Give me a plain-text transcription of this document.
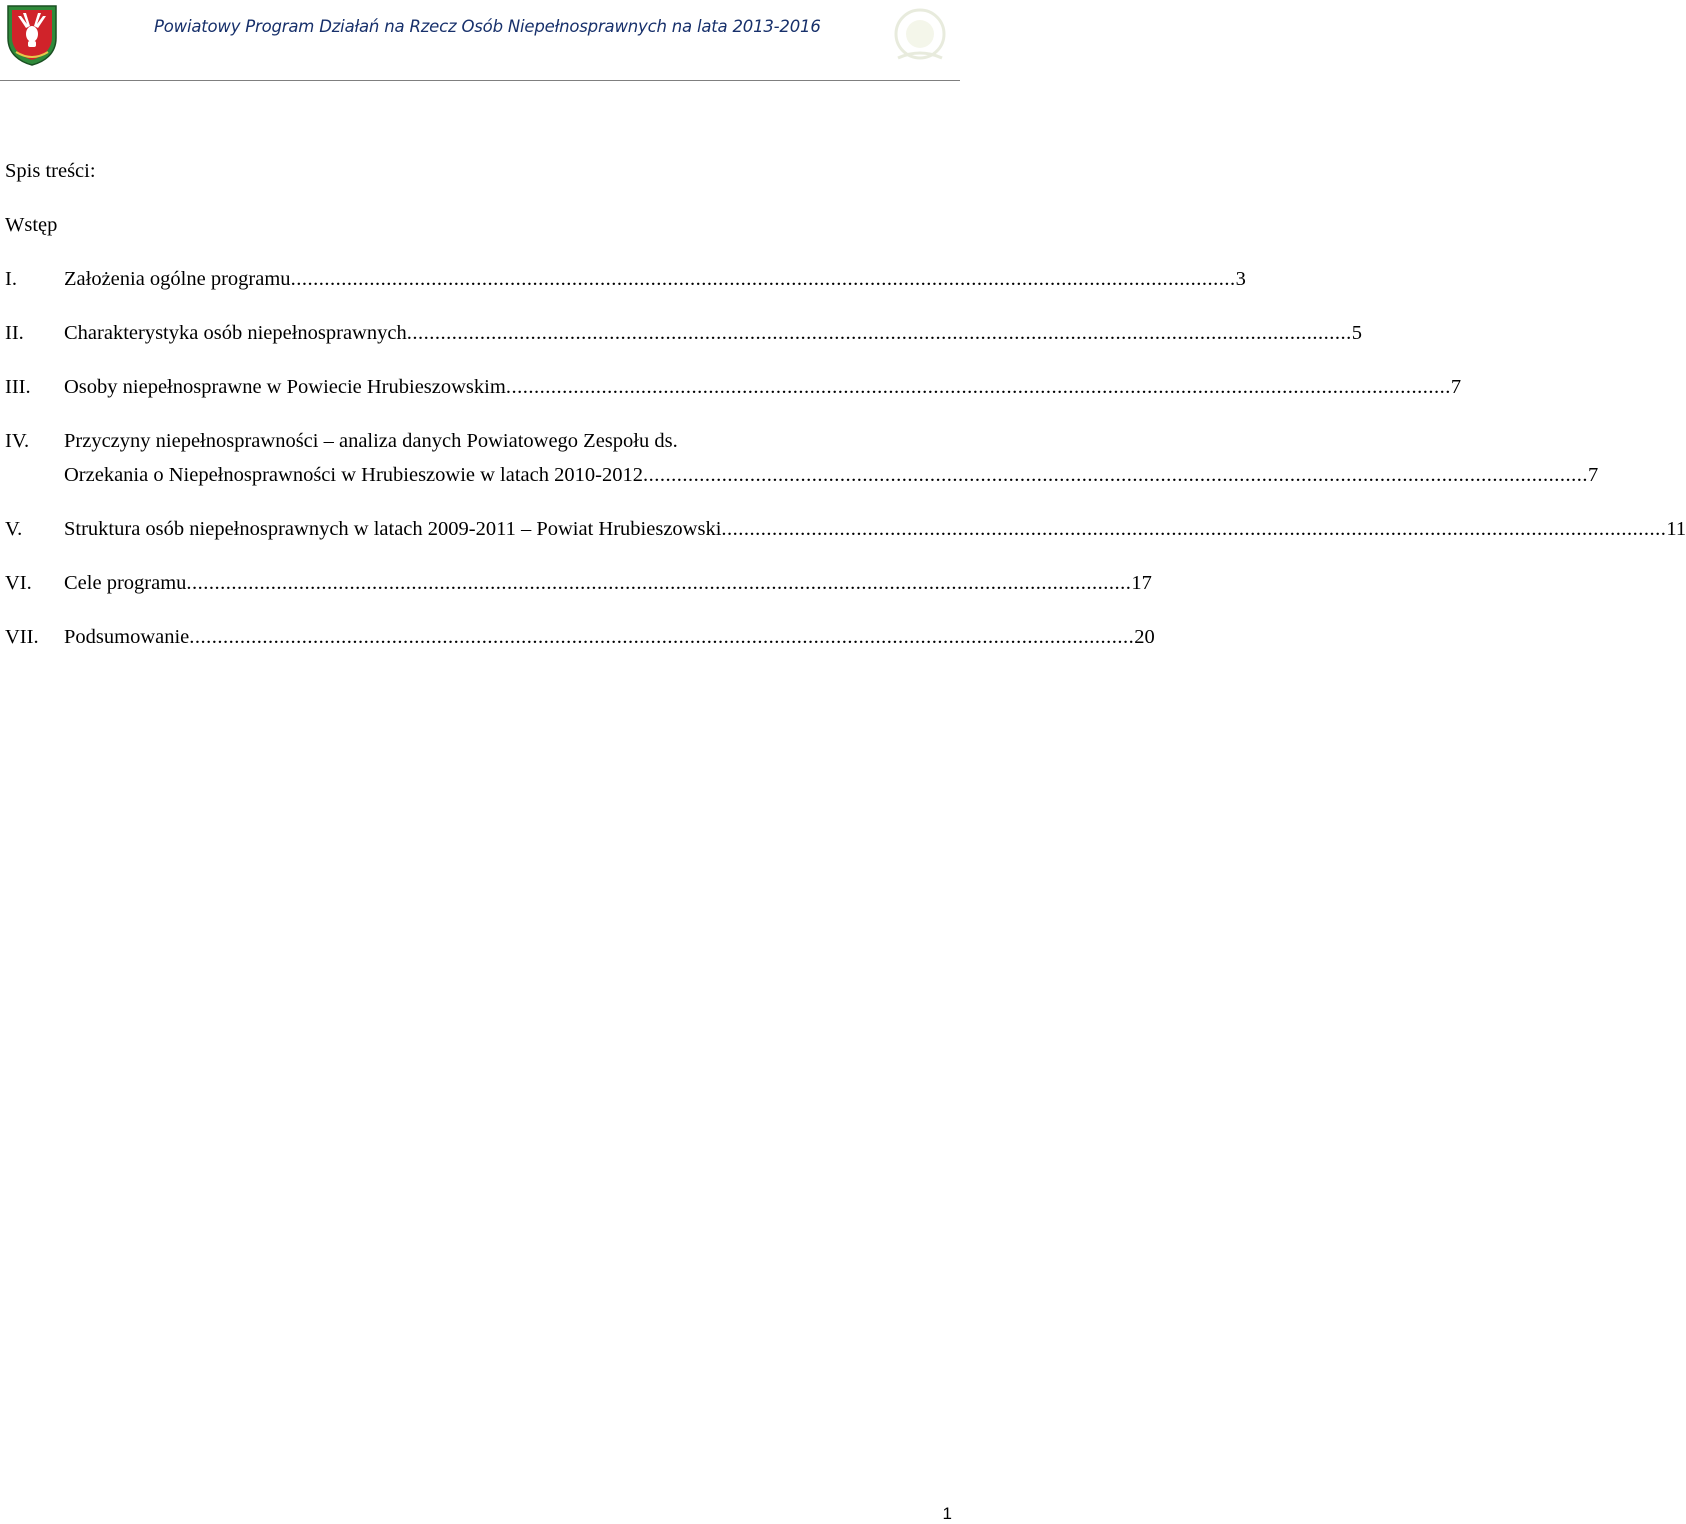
Powiatowy Program Działań na Rzecz Osób Niepełnosprawnych na lata 2013-2016
Spis treści:
Wstęp
I. Założenia ogólne programu ........................................................................................................................................................................ 3
II. Charakterystyka osób niepełnosprawnych ........................................................................................................................................................................ 5
III. Osoby niepełnosprawne w Powiecie Hrubieszowskim ........................................................................................................................................................................ 7
IV. Przyczyny niepełnosprawności – analiza danych Powiatowego Zespołu ds.
Orzekania o Niepełnosprawności w Hrubieszowie w latach 2010-2012 ........................................................................................................................................................................ 7
V. Struktura osób niepełnosprawnych w latach 2009-2011 – Powiat Hrubieszowski ........................................................................................................................................................................ 11
VI. Cele programu ........................................................................................................................................................................ 17
VII. Podsumowanie ........................................................................................................................................................................ 20
1
